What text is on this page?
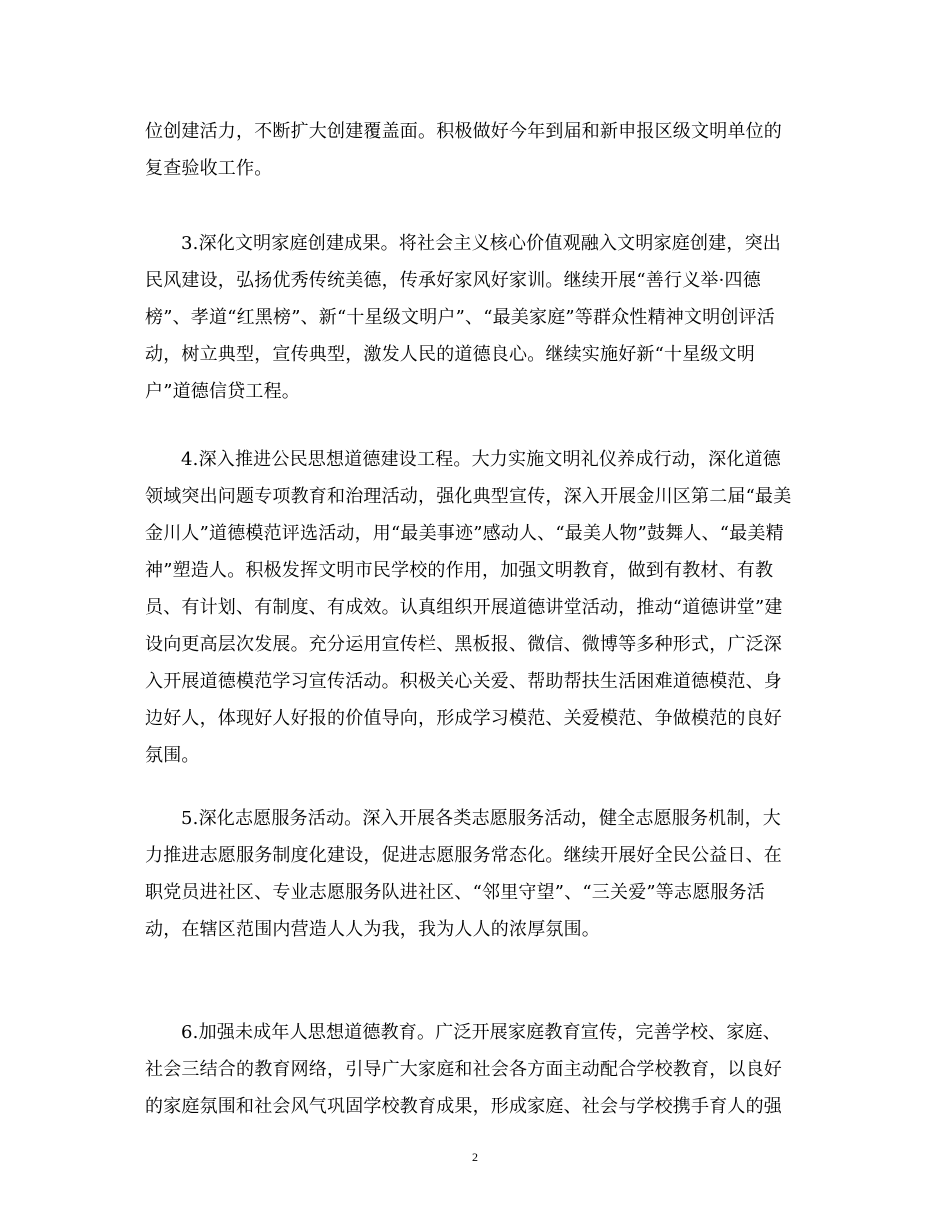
位创建活力，不断扩大创建覆盖面。积极做好今年到届和新申报区级文明单位的
复查验收工作。

3.深化文明家庭创建成果。将社会主义核心价值观融入文明家庭创建，突出
民风建设，弘扬优秀传统美德，传承好家风好家训。继续开展“善行义举·四德
榜”、孝道“红黑榜”、新“十星级文明户”、“最美家庭”等群众性精神文明创评活
动，树立典型，宣传典型，激发人民的道德良心。继续实施好新“十星级文明
户”道德信贷工程。

4.深入推进公民思想道德建设工程。大力实施文明礼仪养成行动，深化道德
领域突出问题专项教育和治理活动，强化典型宣传，深入开展金川区第二届“最美
金川人”道德模范评选活动，用“最美事迹”感动人、“最美人物”鼓舞人、“最美精
神”塑造人。积极发挥文明市民学校的作用，加强文明教育，做到有教材、有教
员、有计划、有制度、有成效。认真组织开展道德讲堂活动，推动“道德讲堂”建
设向更高层次发展。充分运用宣传栏、黑板报、微信、微博等多种形式，广泛深
入开展道德模范学习宣传活动。积极关心关爱、帮助帮扶生活困难道德模范、身
边好人，体现好人好报的价值导向，形成学习模范、关爱模范、争做模范的良好
氛围。

5.深化志愿服务活动。深入开展各类志愿服务活动，健全志愿服务机制，大
力推进志愿服务制度化建设，促进志愿服务常态化。继续开展好全民公益日、在
职党员进社区、专业志愿服务队进社区、“邻里守望”、“三关爱”等志愿服务活
动，在辖区范围内营造人人为我，我为人人的浓厚氛围。

6.加强未成年人思想道德教育。广泛开展家庭教育宣传，完善学校、家庭、
社会三结合的教育网络，引导广大家庭和社会各方面主动配合学校教育，以良好
的家庭氛围和社会风气巩固学校教育成果，形成家庭、社会与学校携手育人的强

2
